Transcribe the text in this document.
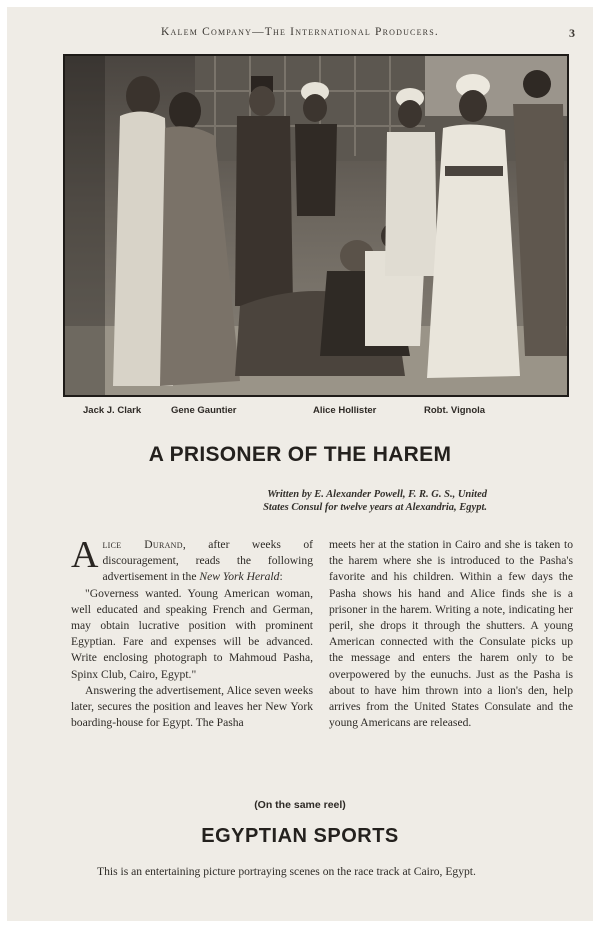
Kalem Company—The International Producers.	3
Jack J. Clark	Gene Gauntier	Alice Hollister	Robt. Vignola
A PRISONER OF THE HAREM
Written by E. Alexander Powell, F. R. G. S., United
States Consul for twelve years at Alexandria, Egypt.

Alice Durand, after weeks of discouragement, reads the following advertisement in the New York Herald:

"Governess wanted. Young American woman, well educated and speaking French and German, may obtain lucrative position with prominent Egyptian. Fare and expenses will be advanced. Write enclosing photograph to Mahmoud Pasha, Spinx Club, Cairo, Egypt."

Answering the advertisement, Alice seven weeks later, secures the position and leaves her New York boarding-house for Egypt. The Pasha

meets her at the station in Cairo and she is taken to the harem where she is introduced to the Pasha's favorite and his children. Within a few days the Pasha shows his hand and Alice finds she is a prisoner in the harem. Writing a note, indicating her peril, she drops it through the shutters. A young American connected with the Consulate picks up the message and enters the harem only to be overpowered by the eunuchs. Just as the Pasha is about to have him thrown into a lion's den, help arrives from the United States Consulate and the young Americans are released.

(On the same reel)
EGYPTIAN SPORTS

This is an entertaining picture portraying scenes on the race track at Cairo, Egypt.
